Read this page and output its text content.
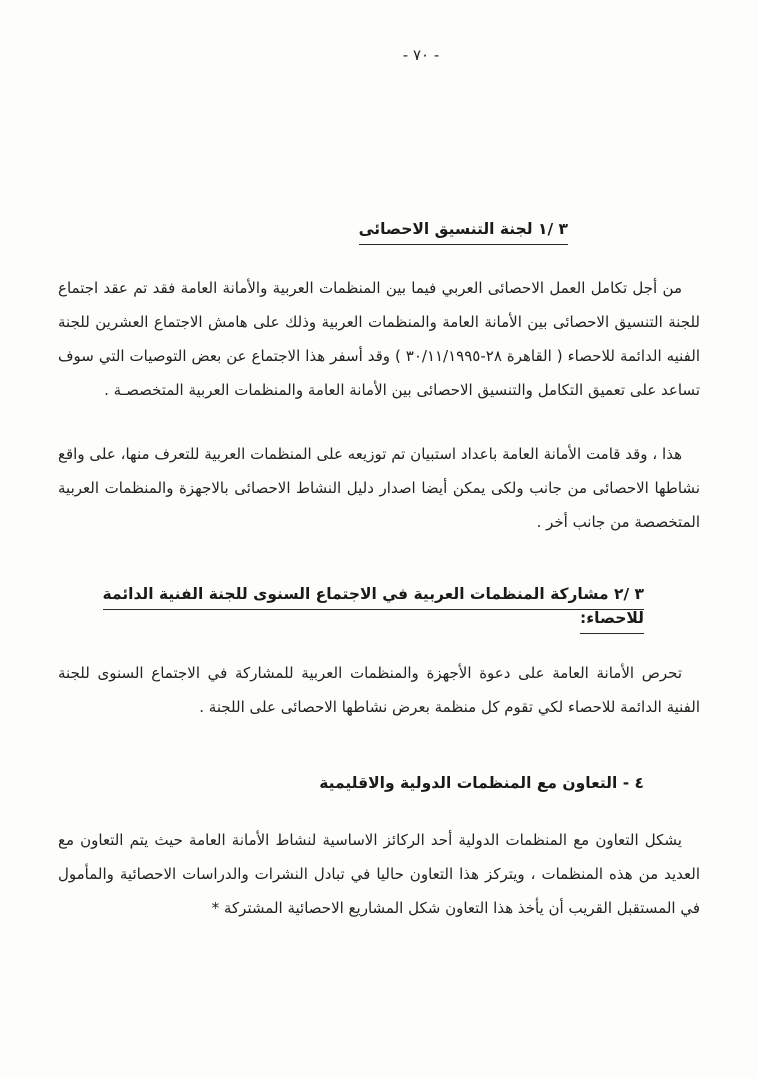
- ٧٠ -
٣ /١ لجنة التنسيق الاحصائى

من أجل تكامل العمل الاحصائى العربي فيما بين المنظمات العربية والأمانة العامة فقد تم عقد اجتماع للجنة التنسيق الاحصائى بين الأمانة العامة والمنظمات العربية وذلك على هامش الاجتماع العشرين للجنة الفنيه الدائمة للاحصاء ( القاهرة ٢٨-٣٠/١١/١٩٩٥ ) وقد أسفر هذا الاجتماع عن بعض التوصيات التي سوف تساعد على تعميق التكامل والتنسيق الاحصائى بين الأمانة العامة والمنظمات العربية المتخصصـة .

هذا ، وقد قامت الأمانة العامة باعداد استبيان تم توزيعه على المنظمات العربية للتعرف منها، على واقع نشاطها الاحصائى من جانب ولكى يمكن أيضا اصدار دليل النشاط الاحصائى بالاجهزة والمنظمات العربية المتخصصة من جانب أخر .

٣ /٢ مشاركة المنظمات العربية في الاجتماع السنوى للجنة الفنية الدائمة للاحصاء:

تحرص الأمانة العامة على دعوة الأجهزة والمنظمات العربية للمشاركة في الاجتماع السنوى للجنة الفنية الدائمة للاحصاء لكي تقوم كل منظمة بعرض نشاطها الاحصائى على اللجنة .

٤ - التعاون مع المنظمات الدولية والاقليمية

يشكل التعاون مع المنظمات الدولية أحد الركائز الاساسية لنشاط الأمانة العامة حيث يتم التعاون مع العديد من هذه المنظمات ، ويتركز هذا التعاون حاليا في تبادل النشرات والدراسات الاحصائية والمأمول في المستقبل القريب أن يأخذ هذا التعاون شكل المشاريع الاحصائية المشتركة *
